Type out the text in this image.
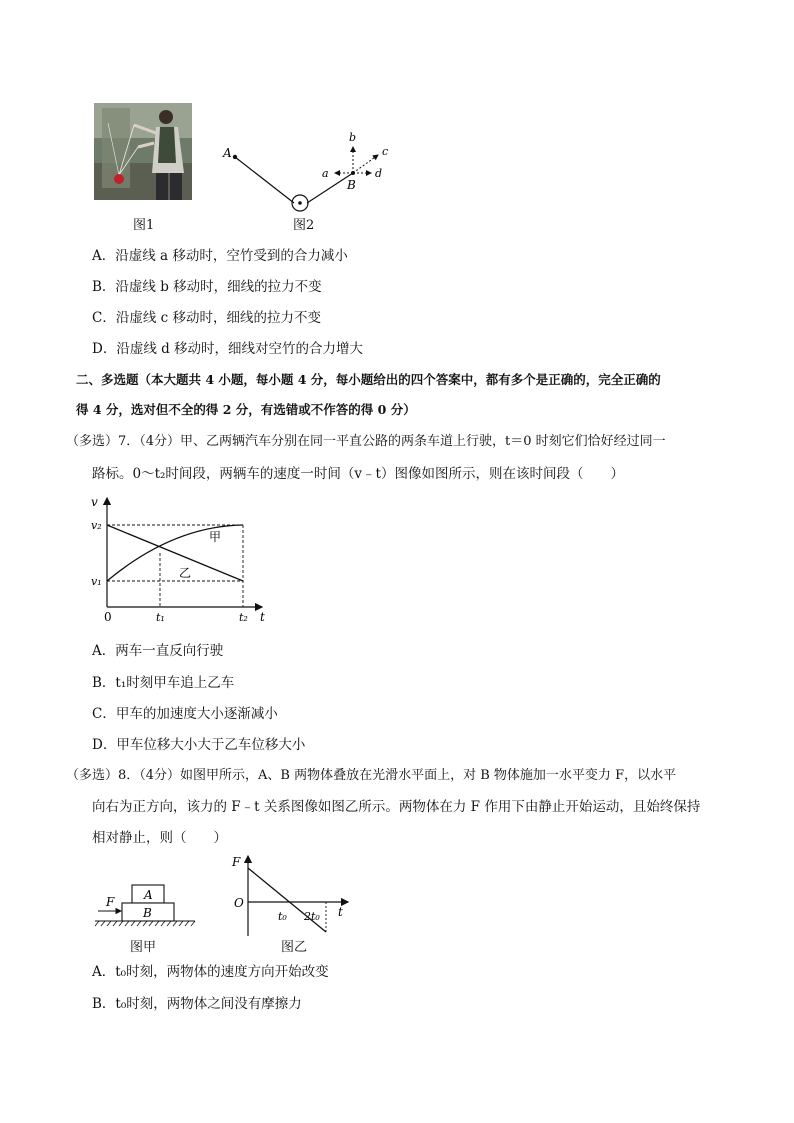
图1
A
B
a
b
c
d
图2
A．沿虚线 a 移动时，空竹受到的合力减小
B．沿虚线 b 移动时，细线的拉力不变
C．沿虚线 c 移动时，细线的拉力不变
D．沿虚线 d 移动时，细线对空竹的合力增大
二、多选题（本大题共 4 小题，每小题 4 分，每小题给出的四个答案中，都有多个是正确的，完全正确的
得 4 分，选对但不全的得 2 分，有选错或不作答的得 0 分）
（多选）7．（4分）甲、乙两辆汽车分别在同一平直公路的两条车道上行驶，t＝0 时刻它们恰好经过同一
路标。0～t₂时间段，两辆车的速度一时间（v﹣t）图像如图所示，则在该时间段（　　）
v
v₂
v₁
0	t₁	t₂ t
甲
乙
A．两车一直反向行驶
B．t₁时刻甲车追上乙车
C．甲车的加速度大小逐渐减小
D．甲车位移大小大于乙车位移大小
（多选）8．（4分）如图甲所示，A、B 两物体叠放在光滑水平面上，对 B 物体施加一水平变力 F，以水平
向右为正方向，该力的 F﹣t 关系图像如图乙所示。两物体在力 F 作用下由静止开始运动，且始终保持
相对静止，则（　　）
F A
B
图甲
F
O
t₀ 2t₀ t
图乙
A．t₀时刻，两物体的速度方向开始改变
B．t₀时刻，两物体之间没有摩擦力
